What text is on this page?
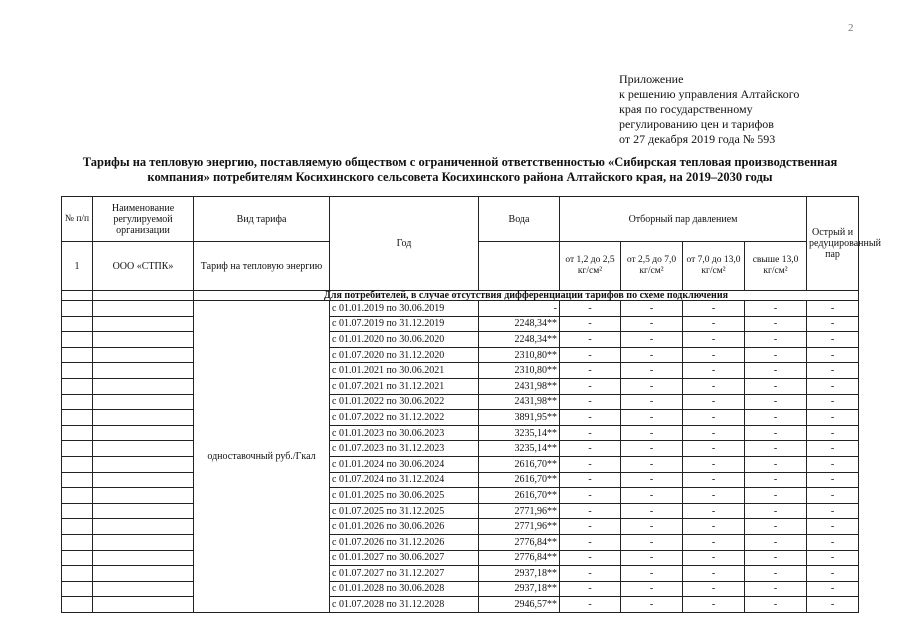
2
Приложение
к решению управления Алтайского
края по государственному
регулированию цен и тарифов
от 27 декабря 2019 года № 593
Тарифы на тепловую энергию, поставляемую обществом с ограниченной ответственностью «Сибирская тепловая производственная компания» потребителям Косихинского сельсовета Косихинского района Алтайского края, на 2019–2030 годы
№ п/п	Наименование регулируемой организации	Вид тарифа	Год	Вода	Отборный пар давлением				Острый и редуцированный пар
1	ООО «СТПК»	Тариф на тепловую энергию			от 1,2 до 2,5 кг/см²	от 2,5 до 7,0 кг/см²	от 7,0 до 13,0 кг/см²	свыше 13,0 кг/см²	
		Для потребителей, в случае отсутствия дифференциации тарифов по схеме подключения							
		одноставочный руб./Гкал	с 01.01.2019 по 30.06.2019	-	-	-	-	-	-
			с 01.07.2019 по 31.12.2019	2248,34**	-	-	-	-	-
			с 01.01.2020 по 30.06.2020	2248,34**	-	-	-	-	-
			с 01.07.2020 по 31.12.2020	2310,80**	-	-	-	-	-
			с 01.01.2021 по 30.06.2021	2310,80**	-	-	-	-	-
			с 01.07.2021 по 31.12.2021	2431,98**	-	-	-	-	-
			с 01.01.2022 по 30.06.2022	2431,98**	-	-	-	-	-
			с 01.07.2022 по 31.12.2022	3891,95**	-	-	-	-	-
			с 01.01.2023 по 30.06.2023	3235,14**	-	-	-	-	-
			с 01.07.2023 по 31.12.2023	3235,14**	-	-	-	-	-
			с 01.01.2024 по 30.06.2024	2616,70**	-	-	-	-	-
			с 01.07.2024 по 31.12.2024	2616,70**	-	-	-	-	-
			с 01.01.2025 по 30.06.2025	2616,70**	-	-	-	-	-
			с 01.07.2025 по 31.12.2025	2771,96**	-	-	-	-	-
			с 01.01.2026 по 30.06.2026	2771,96**	-	-	-	-	-
			с 01.07.2026 по 31.12.2026	2776,84**	-	-	-	-	-
			с 01.01.2027 по 30.06.2027	2776,84**	-	-	-	-	-
			с 01.07.2027 по 31.12.2027	2937,18**	-	-	-	-	-
			с 01.01.2028 по 30.06.2028	2937,18**	-	-	-	-	-
			с 01.07.2028 по 31.12.2028	2946,57**	-	-	-	-	-
